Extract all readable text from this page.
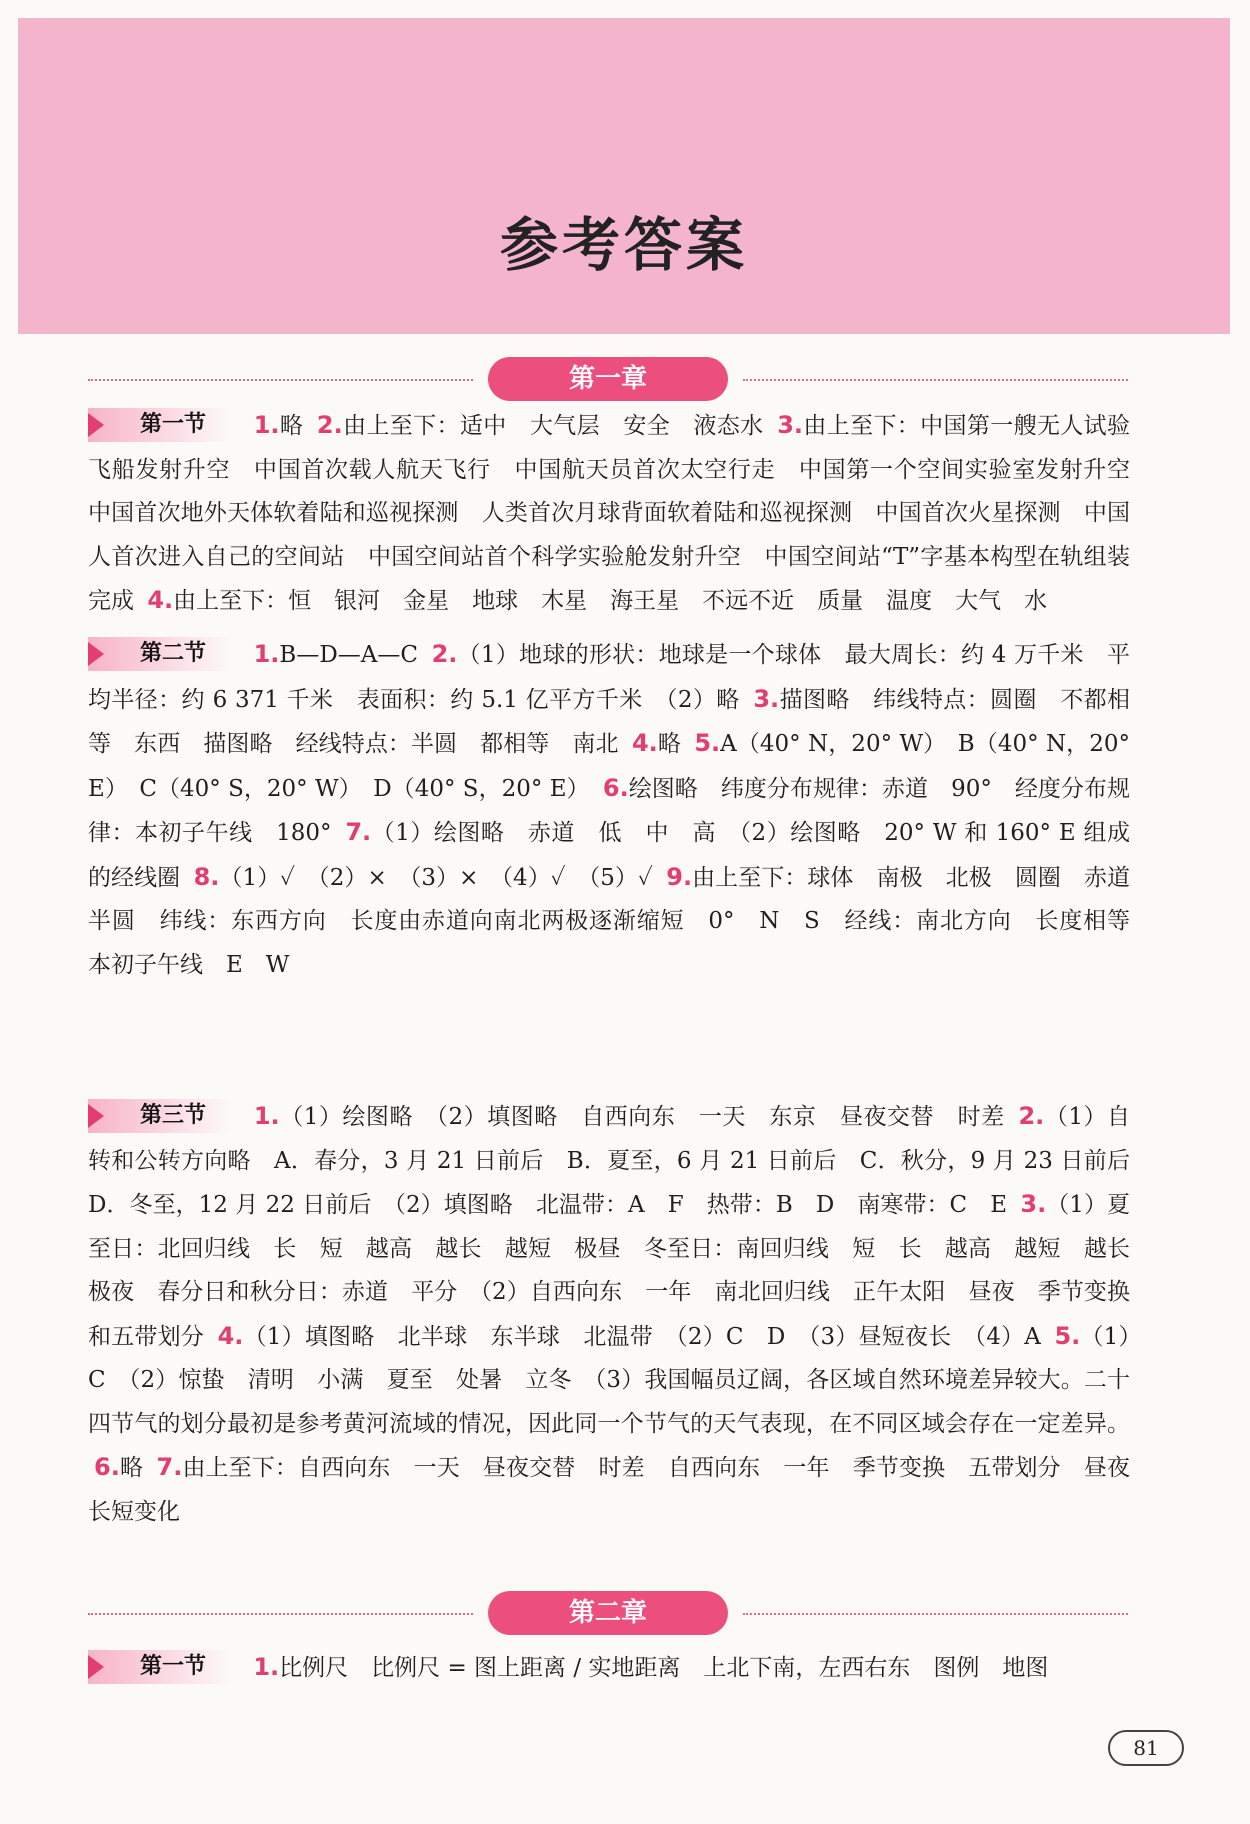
参考答案
第一章
第一节 1.略 2.由上至下：适中　大气层　安全　液态水 3.由上至下：中国第一艘无人试验飞船发射升空　中国首次载人航天飞行　中国航天员首次太空行走　中国第一个空间实验室发射升空　中国首次地外天体软着陆和巡视探测　人类首次月球背面软着陆和巡视探测　中国首次火星探测　中国人首次进入自己的空间站　中国空间站首个科学实验舱发射升空　中国空间站“T”字基本构型在轨组装完成 4.由上至下：恒　银河　金星　地球　木星　海王星　不远不近　质量　温度　大气　水
第二节 1.B—D—A—C 2.（1）地球的形状：地球是一个球体　最大周长：约 4 万千米　平均半径：约 6 371 千米　表面积：约 5.1 亿平方千米　（2）略 3.描图略　纬线特点：圆圈　不都相等　东西　描图略　经线特点：半圆　都相等　南北 4.略 5.A（40° N，20° W）　B（40° N，20° E）　C（40° S，20° W）　D（40° S，20° E） 6.绘图略　纬度分布规律：赤道　90°　经度分布规律：本初子午线　180° 7.（1）绘图略　赤道　低　中　高　（2）绘图略　20° W 和 160° E 组成的经线圈 8.（1）✓　（2）×　（3）×　（4）✓　（5）✓ 9.由上至下：球体　南极　北极　圆圈　赤道　半圆　纬线：东西方向　长度由赤道向南北两极逐渐缩短　0°　N　S　经线：南北方向　长度相等　本初子午线　E　W
第三节 1.（1）绘图略　（2）填图略　自西向东　一天　东京　昼夜交替　时差 2.（1）自转和公转方向略　A．春分，3 月 21 日前后　B．夏至，6 月 21 日前后　C．秋分，9 月 23 日前后　D．冬至，12 月 22 日前后　（2）填图略　北温带：A　F　热带：B　D　南寒带：C　E 3.（1）夏至日：北回归线　长　短　越高　越长　越短　极昼　冬至日：南回归线　短　长　越高　越短　越长　极夜　春分日和秋分日：赤道　平分　（2）自西向东　一年　南北回归线　正午太阳　昼夜　季节变换和五带划分 4.（1）填图略　北半球　东半球　北温带　（2）C　D　（3）昼短夜长　（4）A 5.（1）C　（2）惊蛰　清明　小满　夏至　处暑　立冬　（3）我国幅员辽阔，各区域自然环境差异较大。二十四节气的划分最初是参考黄河流域的情况，因此同一个节气的天气表现，在不同区域会存在一定差异。 6.略 7.由上至下：自西向东　一天　昼夜交替　时差　自西向东　一年　季节变换　五带划分　昼夜长短变化
第二章
第一节 1.比例尺　比例尺 = 图上距离 / 实地距离　上北下南，左西右东　图例　地图
81
